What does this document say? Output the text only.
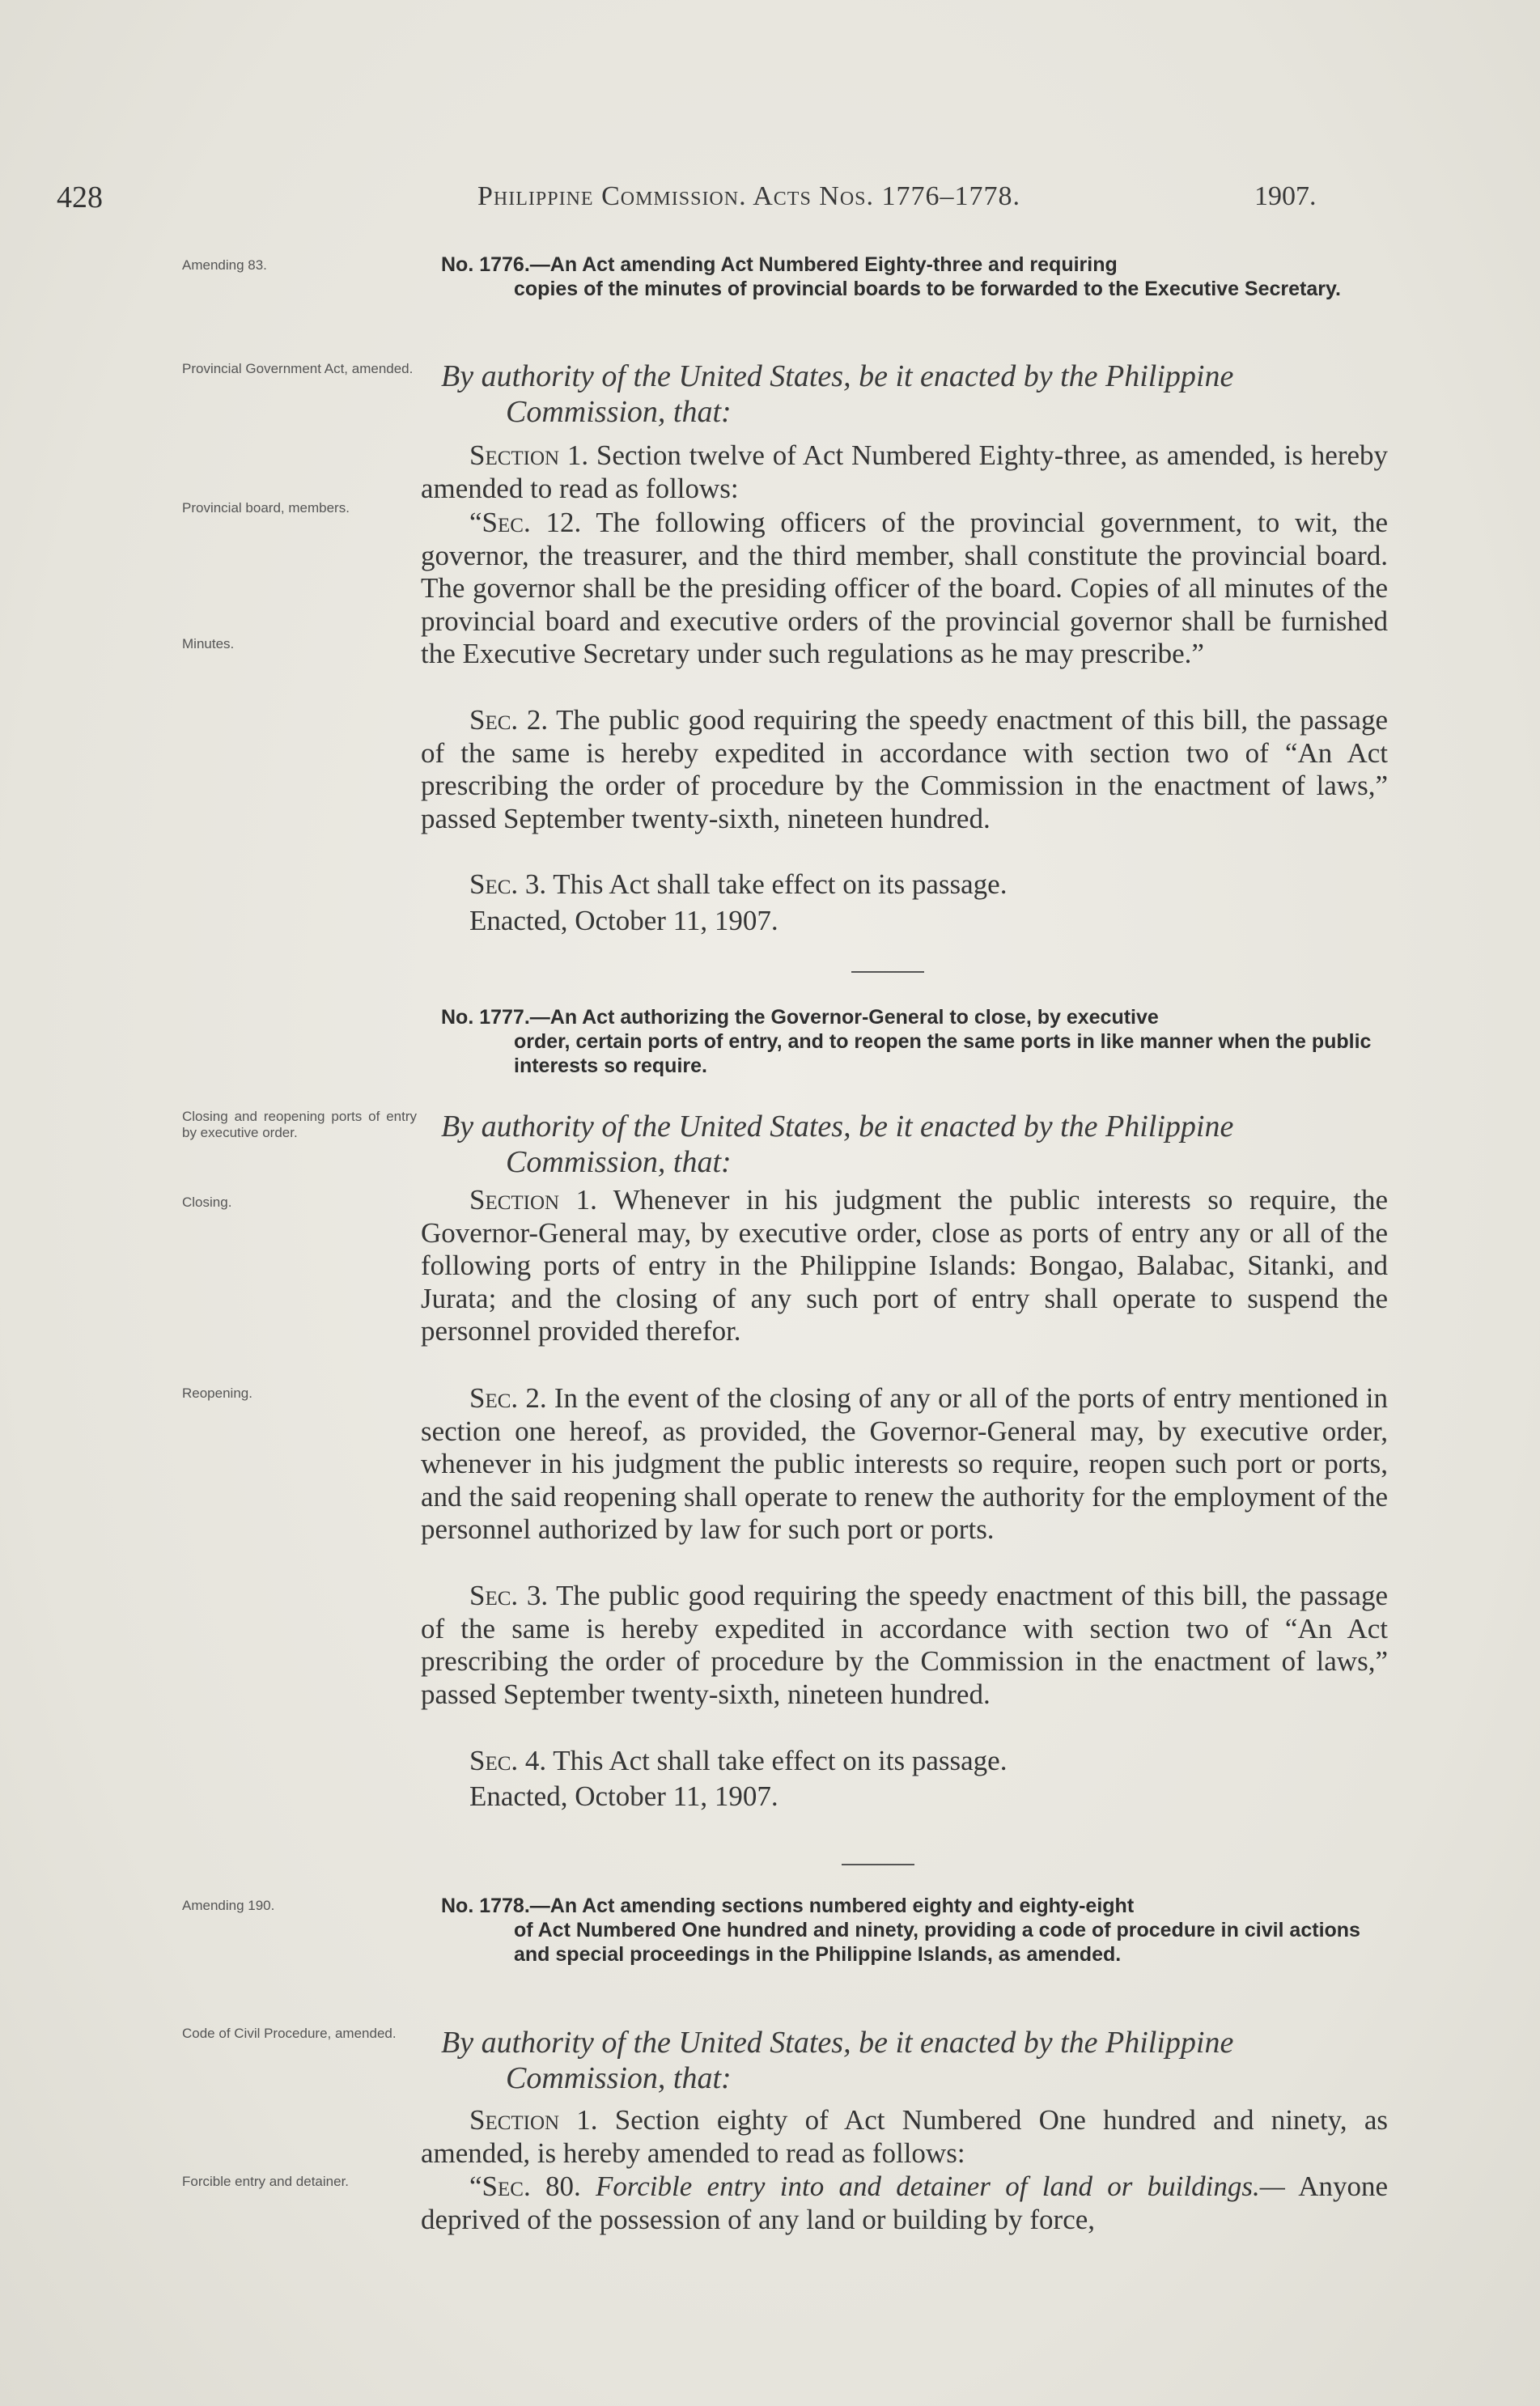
428	Philippine Commission. Acts Nos. 1776–1778.	1907.
Amending 83.	No. 1776.—An Act amending Act Numbered Eighty-three and requiring
copies of the minutes of provincial boards to be forwarded to the Executive Secretary.
Provincial Government Act, amended. By authority of the United States, be it enacted by the Philippine
Commission, that:
Section 1. Section twelve of Act Numbered Eighty-three, as amended, is hereby amended to read as follows:
Provincial board, members.	“Sec. 12. The following officers of the provincial government, to wit, the governor, the treasurer, and the third member, shall constitute the provincial board. The governor shall be the presiding officer of the board. Copies of all minutes of the provincial board and executive orders of the provincial governor shall be furnished the Executive Secretary under such regulations as he may prescribe.”
Minutes.
Sec. 2. The public good requiring the speedy enactment of this bill, the passage of the same is hereby expedited in accordance with section two of “An Act prescribing the order of procedure by the Commission in the enactment of laws,” passed September twenty-sixth, nineteen hundred.
Sec. 3. This Act shall take effect on its passage.
Enacted, October 11, 1907.
No. 1777.—An Act authorizing the Governor-General to close, by executive
order, certain ports of entry, and to reopen the same ports in like manner when the public interests so require.
Closing and reopening ports of entry by executive order.	By authority of the United States, be it enacted by the Philippine
Commission, that:
Closing.	Section 1. Whenever in his judgment the public interests so require, the Governor-General may, by executive order, close as ports of entry any or all of the following ports of entry in the Philippine Islands: Bongao, Balabac, Sitanki, and Jurata; and the closing of any such port of entry shall operate to suspend the personnel provided therefor.
Reopening.	Sec. 2. In the event of the closing of any or all of the ports of entry mentioned in section one hereof, as provided, the Governor-General may, by executive order, whenever in his judgment the public interests so require, reopen such port or ports, and the said reopening shall operate to renew the authority for the employment of the personnel authorized by law for such port or ports.
Sec. 3. The public good requiring the speedy enactment of this bill, the passage of the same is hereby expedited in accordance with section two of “An Act prescribing the order of procedure by the Commission in the enactment of laws,” passed September twenty-sixth, nineteen hundred.
Sec. 4. This Act shall take effect on its passage.
Enacted, October 11, 1907.
Amending 190.	No. 1778.—An Act amending sections numbered eighty and eighty-eight
of Act Numbered One hundred and ninety, providing a code of procedure in civil actions and special proceedings in the Philippine Islands, as amended.
Code of Civil Procedure, amended.	By authority of the United States, be it enacted by the Philippine
Commission, that:
Section 1. Section eighty of Act Numbered One hundred and ninety, as amended, is hereby amended to read as follows:
Forcible entry and detainer.	“Sec. 80. Forcible entry into and detainer of land or buildings.— Anyone deprived of the possession of any land or building by force,
